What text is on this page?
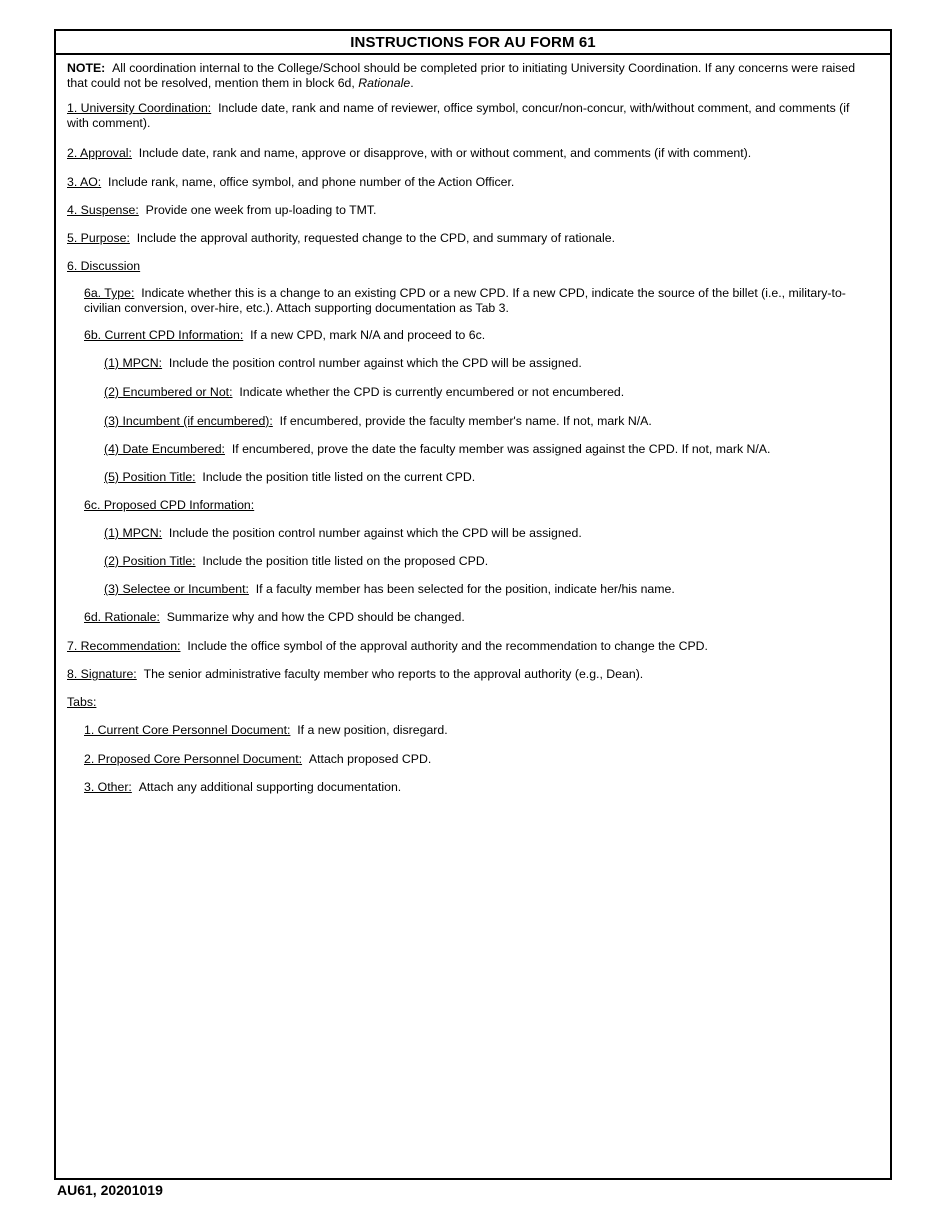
INSTRUCTIONS FOR AU FORM 61

NOTE: All coordination internal to the College/School should be completed prior to initiating University Coordination. If any concerns were raised that could not be resolved, mention them in block 6d, Rationale.

1. University Coordination: Include date, rank and name of reviewer, office symbol, concur/non-concur, with/without comment, and comments (if with comment).

2. Approval: Include date, rank and name, approve or disapprove, with or without comment, and comments (if with comment).

3. AO: Include rank, name, office symbol, and phone number of the Action Officer.

4. Suspense: Provide one week from up-loading to TMT.

5. Purpose: Include the approval authority, requested change to the CPD, and summary of rationale.

6. Discussion

6a. Type: Indicate whether this is a change to an existing CPD or a new CPD. If a new CPD, indicate the source of the billet (i.e., military-to-civilian conversion, over-hire, etc.). Attach supporting documentation as Tab 3.

6b. Current CPD Information: If a new CPD, mark N/A and proceed to 6c.

(1) MPCN: Include the position control number against which the CPD will be assigned.

(2) Encumbered or Not: Indicate whether the CPD is currently encumbered or not encumbered.

(3) Incumbent (if encumbered): If encumbered, provide the faculty member's name. If not, mark N/A.

(4) Date Encumbered: If encumbered, prove the date the faculty member was assigned against the CPD. If not, mark N/A.

(5) Position Title: Include the position title listed on the current CPD.

6c. Proposed CPD Information:

(1) MPCN: Include the position control number against which the CPD will be assigned.

(2) Position Title: Include the position title listed on the proposed CPD.

(3) Selectee or Incumbent: If a faculty member has been selected for the position, indicate her/his name.

6d. Rationale: Summarize why and how the CPD should be changed.

7. Recommendation: Include the office symbol of the approval authority and the recommendation to change the CPD.

8. Signature: The senior administrative faculty member who reports to the approval authority (e.g., Dean).

Tabs:

1. Current Core Personnel Document: If a new position, disregard.

2. Proposed Core Personnel Document: Attach proposed CPD.

3. Other: Attach any additional supporting documentation.

AU61, 20201019
